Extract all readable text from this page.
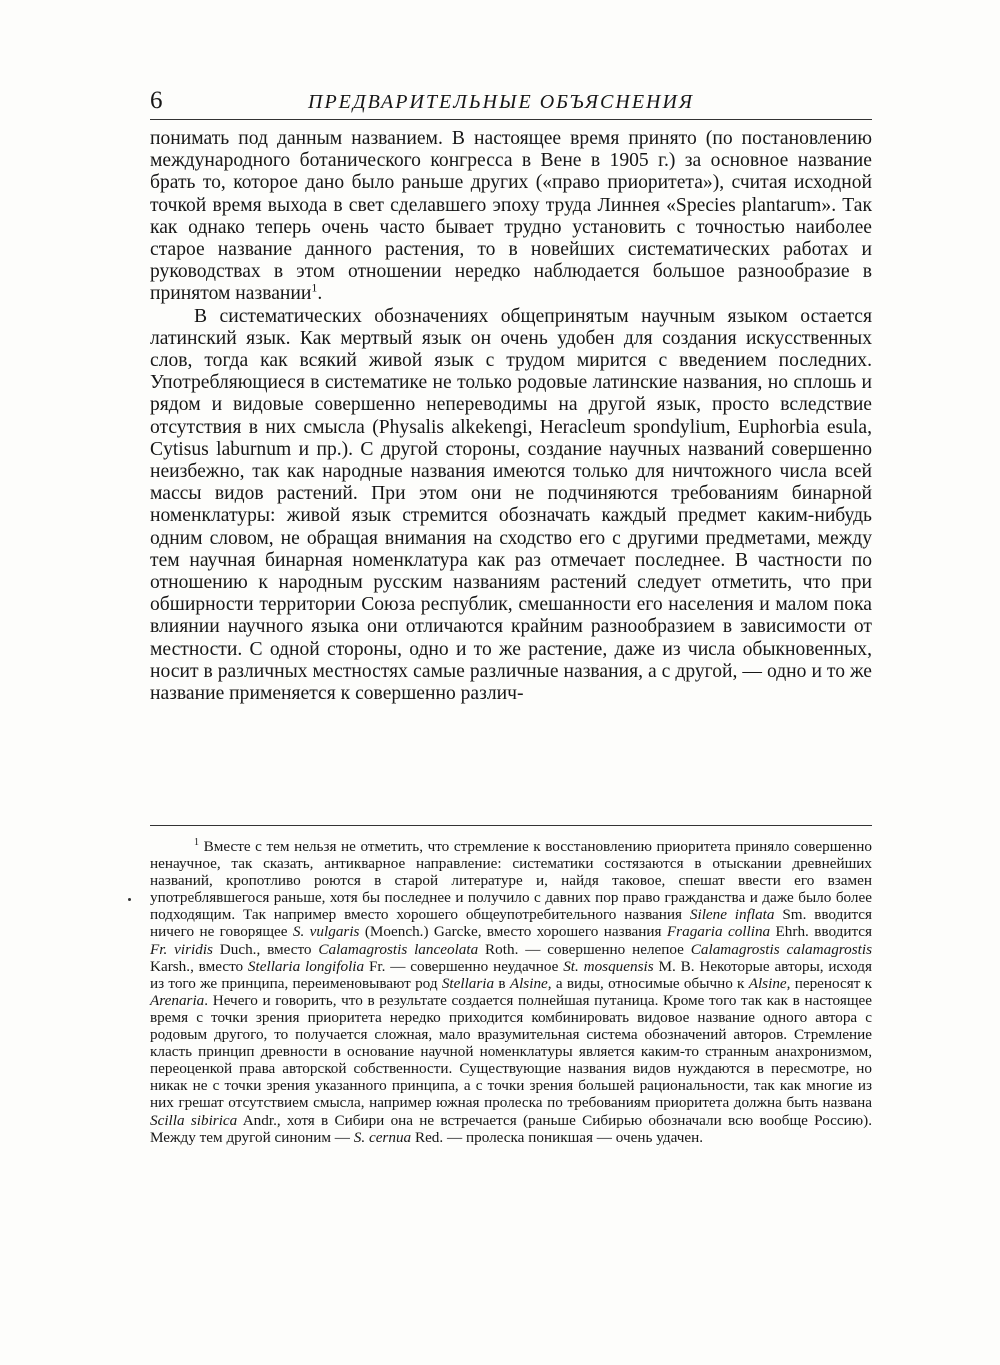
6	ПРЕДВАРИТЕЛЬНЫЕ ОБЪЯСНЕНИЯ

понимать под данным названием. В настоящее время принято (по постановлению международного ботанического конгресса в Вене в 1905 г.) за основное название брать то, которое дано было раньше других («право приоритета»), считая исходной точкой время выхода в свет сделавшего эпоху труда Линнея «Species plantarum». Так как однако теперь очень часто бывает трудно установить с точностью наиболее старое название данного растения, то в новейших систематических работах и руководствах в этом отношении нередко наблюдается большое разнообразие в принятом названии$^1$.

В систематических обозначениях общепринятым научным языком остается латинский язык. Как мертвый язык он очень удобен для создания искусственных слов, тогда как всякий живой язык с трудом мирится с введением последних. Употребляющиеся в систематике не только родовые латинские названия, но сплошь и рядом и видовые совершенно непереводимы на другой язык, просто вследствие отсутствия в них смысла (Physalis alkekengi, Heracleum spondylium, Euphorbia esula, Cytisus laburnum и пр.). С другой стороны, создание научных названий совершенно неизбежно, так как народные названия имеются только для ничтожного числа всей массы видов растений. При этом они не подчиняются требованиям бинарной номенклатуры: живой язык стремится обозначать каждый предмет каким-нибудь одним словом, не обращая внимания на сходство его с другими предметами, между тем научная бинарная номенклатура как раз отмечает последнее. В частности по отношению к народным русским названиям растений следует отметить, что при обширности территории Союза республик, смешанности его населения и малом пока влиянии научного языка они отличаются крайним разнообразием в зависимости от местности. С одной стороны, одно и то же растение, даже из числа обыкновенных, носит в различных местностях самые различные названия, а с другой, — одно и то же название применяется к совершенно различ-

$^1$ Вместе с тем нельзя не отметить, что стремление к восстановлению приоритета приняло совершенно ненаучное, так сказать, антикварное направление: систематики состязаются в отыскании древнейших названий, кропотливо роются в старой литературе и, найдя таковое, спешат ввести его взамен употреблявшегося раньше, хотя бы последнее и получило с давних пор право гражданства и даже было более подходящим. Так например вместо хорошего общеупотребительного названия Silene inflata Sm. вводится ничего не говорящее S. vulgaris (Moench.) Garcke, вместо хорошего названия Fragaria collina Ehrh. вводится Fr. viridis Duch., вместо Calamagrostis lanceolata Roth. — совершенно нелепое Calamagrostis calamagrostis Karsh., вместо Stellaria longifolia Fr. — совершенно неудачное St. mosquensis M. B. Некоторые авторы, исходя из того же принципа, переименовывают род Stellaria в Alsine, а виды, относимые обычно к Alsine, переносят к Arenaria. Нечего и говорить, что в результате создается полнейшая путаница. Кроме того так как в настоящее время с точки зрения приоритета нередко приходится комбинировать видовое название одного автора с родовым другого, то получается сложная, мало вразумительная система обозначений авторов. Стремление класть принцип древности в основание научной номенклатуры является каким-то странным анахронизмом, переоценкой права авторской собственности. Существующие названия видов нуждаются в пересмотре, но никак не с точки зрения указанного принципа, а с точки зрения большей рациональности, так как многие из них грешат отсутствием смысла, например южная пролеска по требованиям приоритета должна быть названа Scilla sibirica Andr., хотя в Сибири она не встречается (раньше Сибирью обозначали всю вообще Россию). Между тем другой синоним — S. cernua Red. — пролеска поникшая — очень удачен.
